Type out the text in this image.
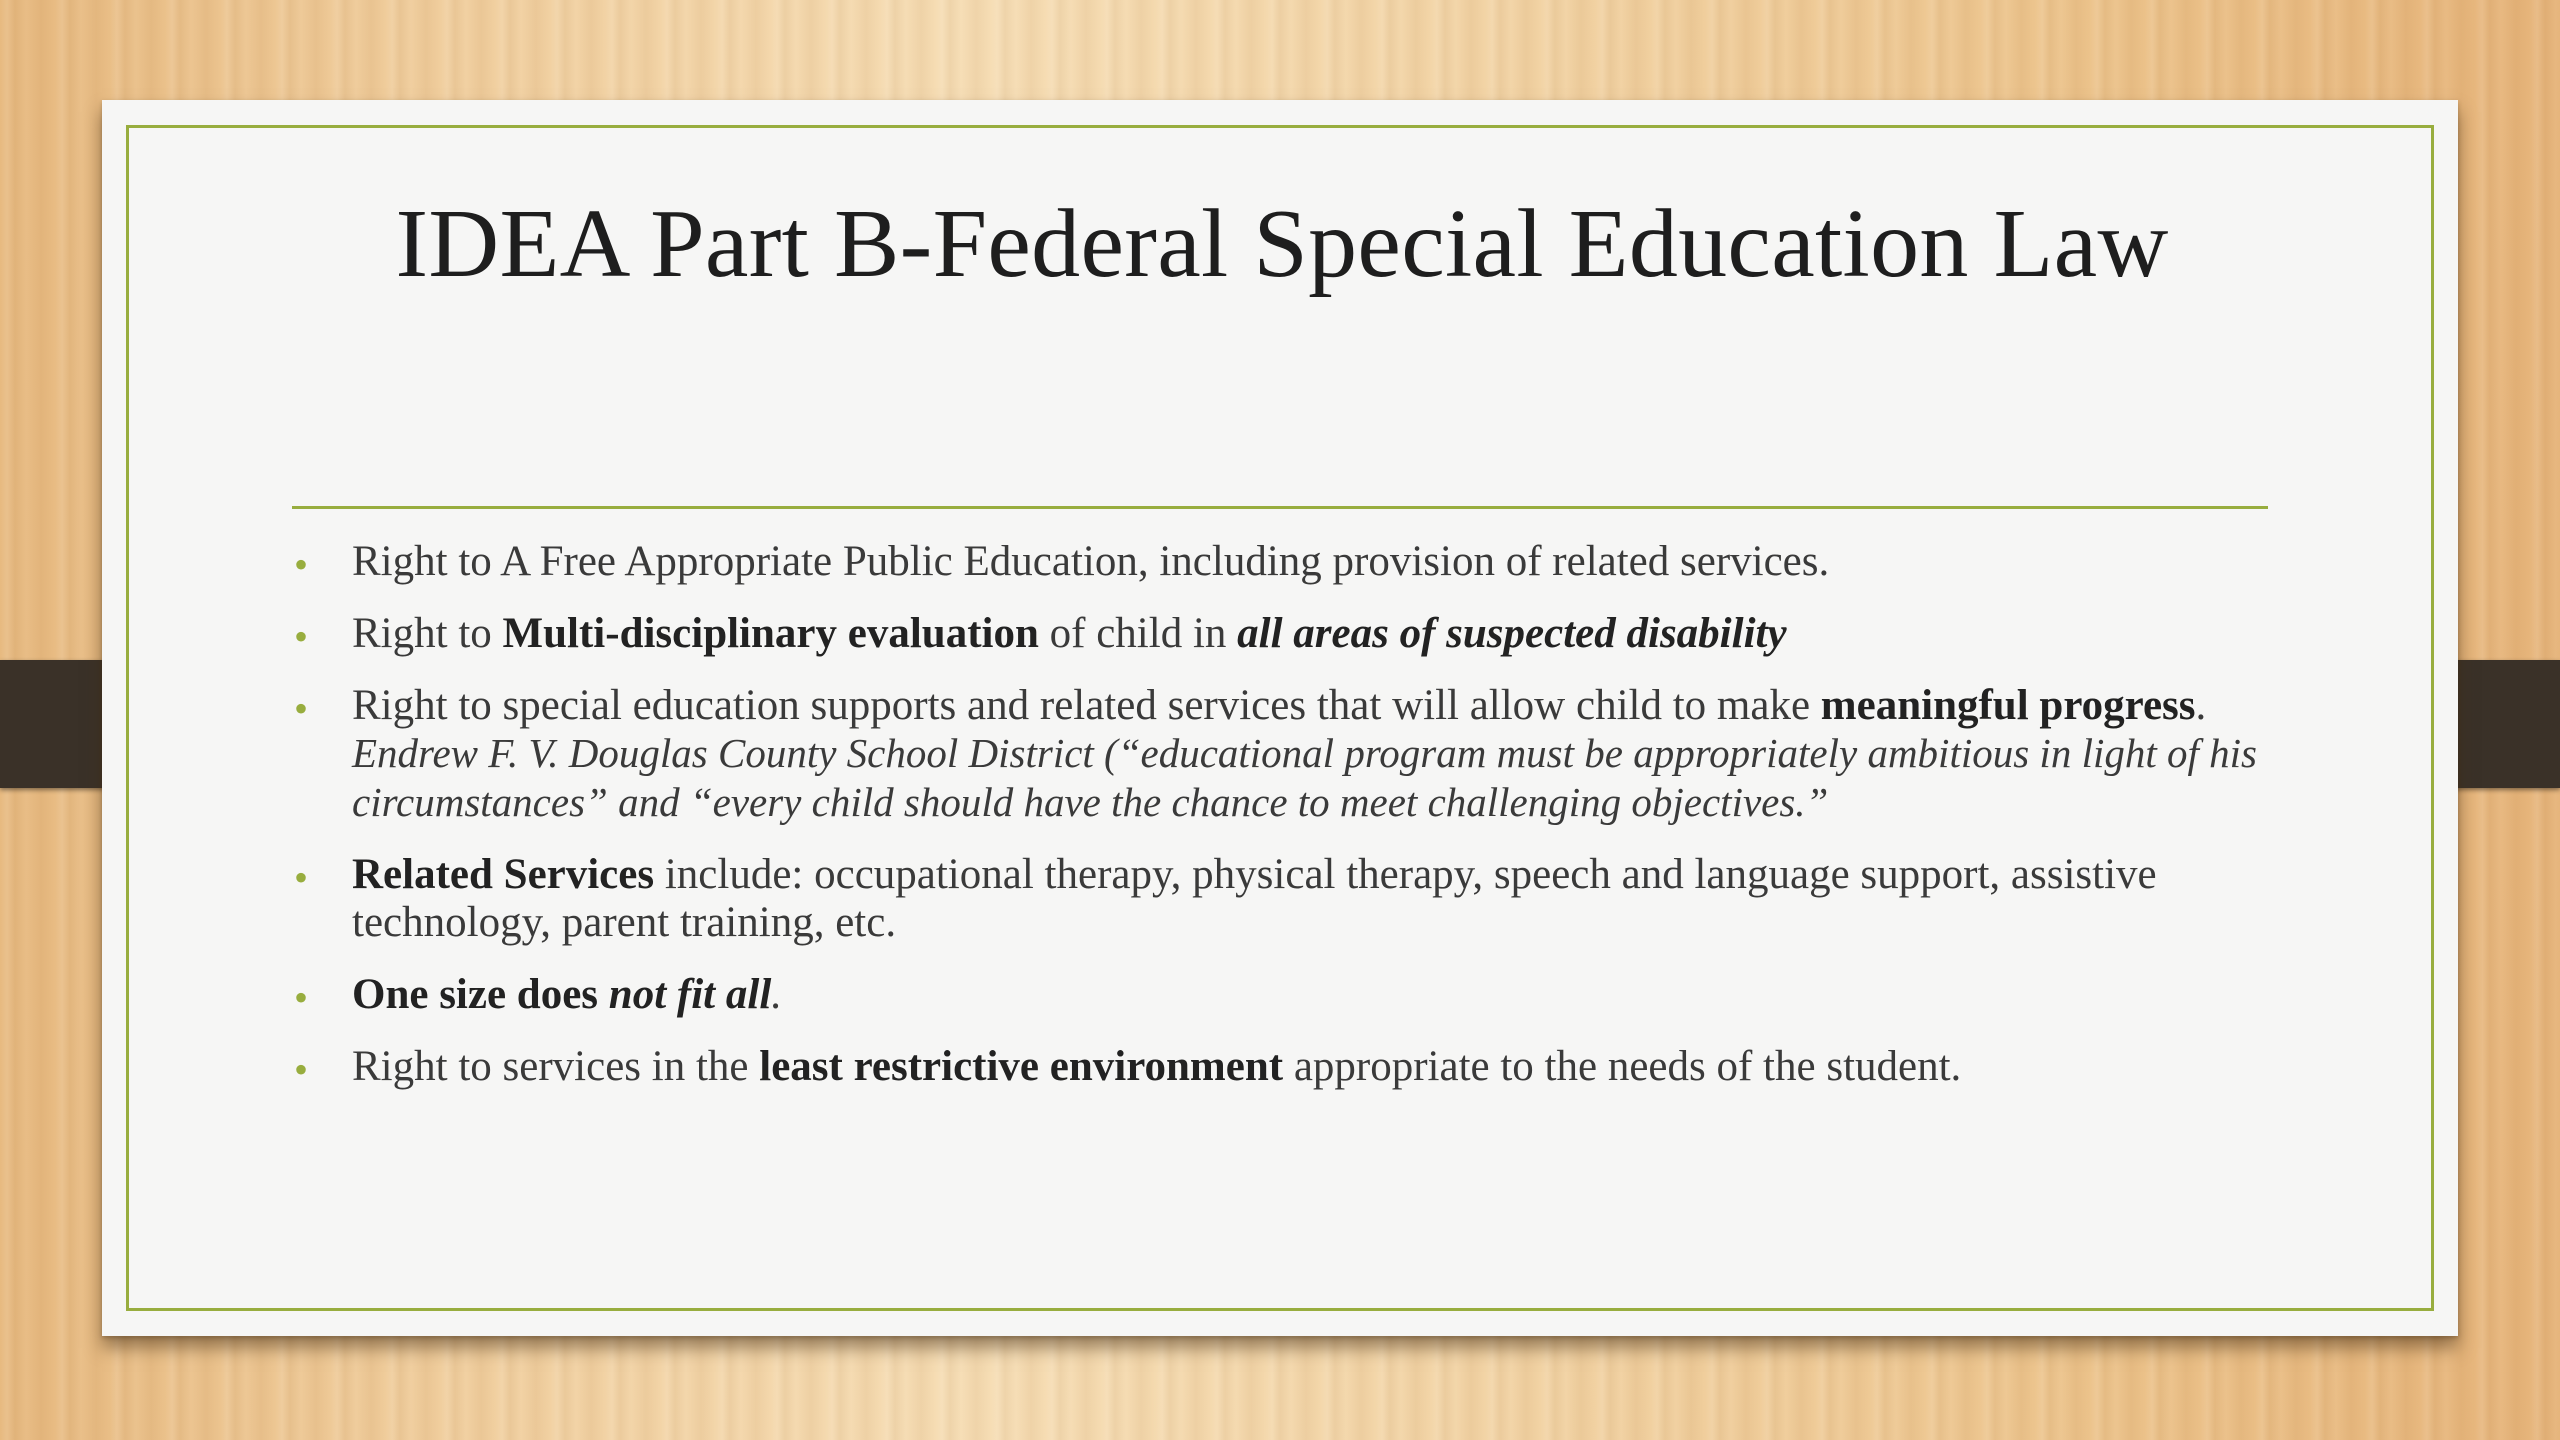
IDEA Part B-Federal Special Education Law
• Right to A Free Appropriate Public Education, including provision of related services.
• Right to Multi-disciplinary evaluation of child in all areas of suspected disability
• Right to special education supports and related services that will allow child to make meaningful progress. Endrew F. V. Douglas County School District (“educational program must be appropriately ambitious in light of his circumstances” and “every child should have the chance to meet challenging objectives.”
• Related Services include: occupational therapy, physical therapy, speech and language support, assistive technology, parent training, etc.
• One size does not fit all.
• Right to services in the least restrictive environment appropriate to the needs of the student.
